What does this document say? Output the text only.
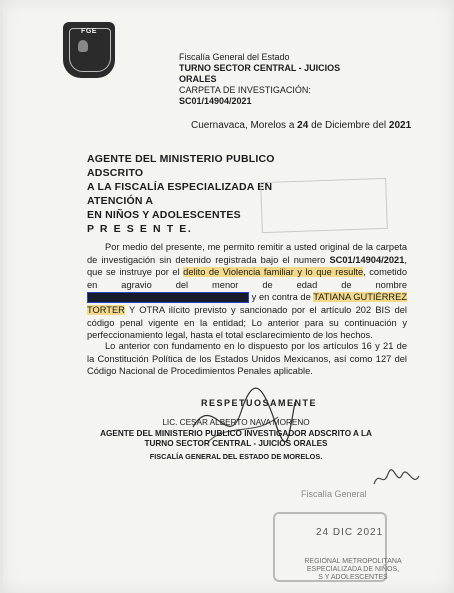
FGE
Fiscalía General del Estado
TURNO SECTOR CENTRAL - JUICIOS ORALES
CARPETA DE INVESTIGACIÓN: SC01/14904/2021
Cuernavaca, Morelos a 24 de Diciembre del 2021
AGENTE DEL MINISTERIO PUBLICO ADSCRITO
A LA FISCALÍA ESPECIALIZADA EN ATENCIÓN A
EN NIÑOS Y ADOLESCENTES
P R E S E N T E.
Por medio del presente, me permito remitir a usted original de la carpeta de investigación sin detenido registrada bajo el numero SC01/14904/2021, que se instruye por el delito de Violencia familiar y lo que resulte, cometido en agravio del menor de edad de nombre  y en contra de TATIANA GUTIÉRREZ TORTER Y OTRA ilícito previsto y sancionado por el artículo 202 BIS del código penal vigente en la entidad; Lo anterior para su continuación y perfeccionamiento legal, hasta el total esclarecimiento de los hechos.
Lo anterior con fundamento en lo dispuesto por los artículos 16 y 21 de la Constitución Política de los Estados Unidos Mexicanos, así como 127 del Código Nacional de Procedimientos Penales aplicable.
RESPETUOSAMENTE
LIC. CESAR ALBERTO NAVA MORENO
AGENTE DEL MINISTERIO PUBLICO INVESTIGADOR ADSCRITO A LA
TURNO SECTOR CENTRAL - JUICIOS ORALES
FISCALÍA GENERAL DEL ESTADO DE MORELOS.
Fiscalía General
24 DIC 2021
REGIONAL METROPOLITANA
ESPECIALIZADA DE NIÑOS,
S Y ADOLESCENTES
